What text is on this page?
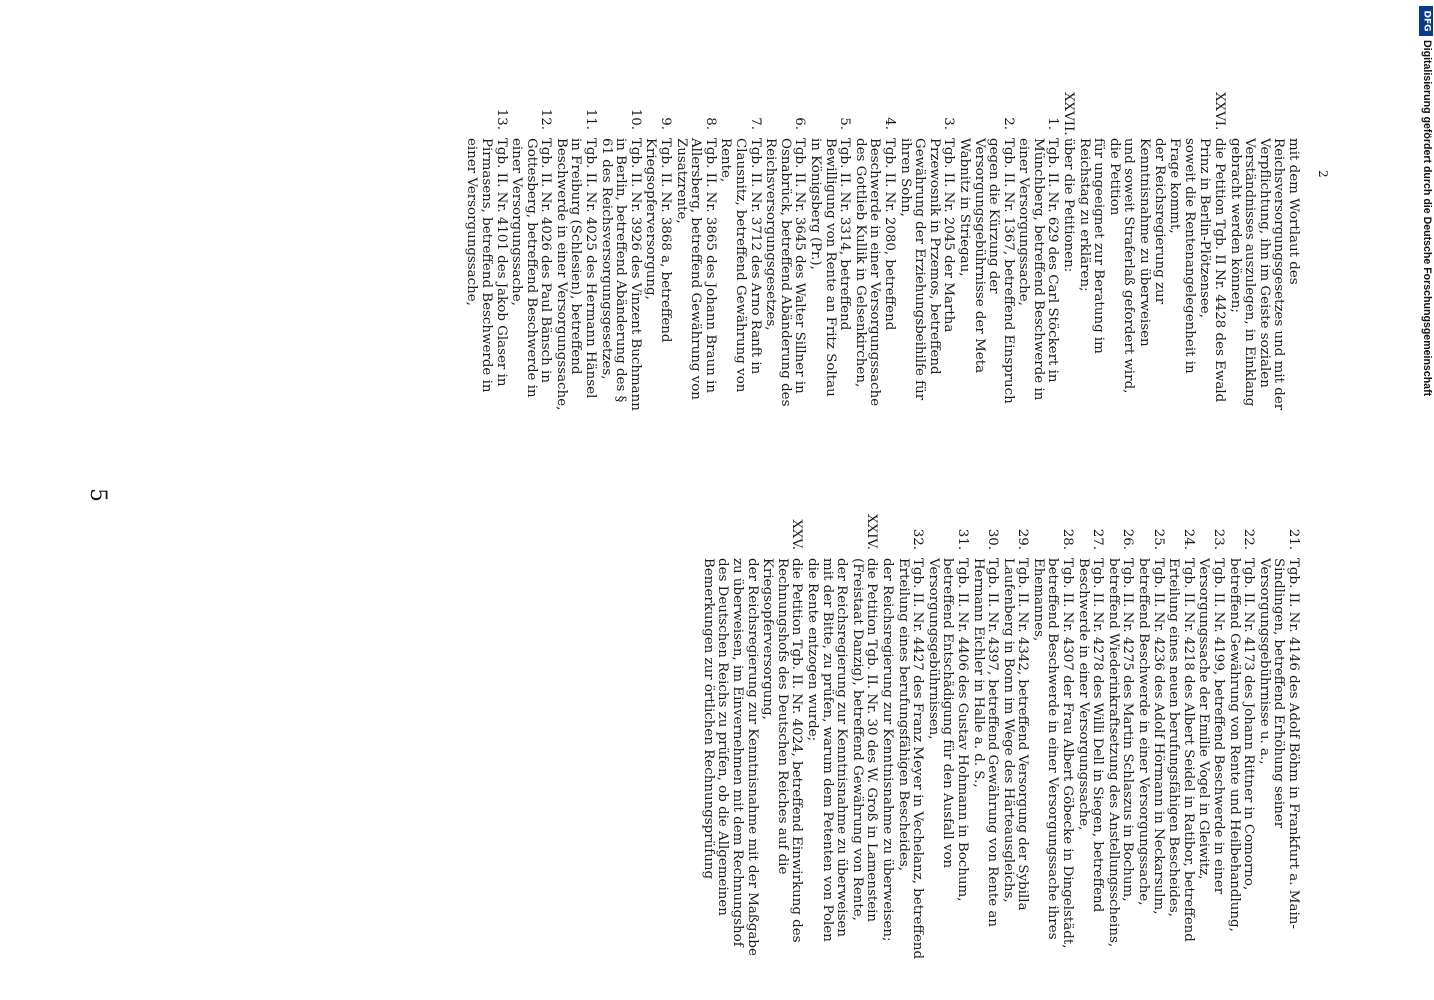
5
2
21.
Tgb. II. Nr. 4146 des Adolf Böhm in Frankfurt a. Main-Sindlingen, betreffend Erhöhung seiner Versorgungsgebührnisse u. a.,
22.
Tgb. II. Nr. 4173 des Johann Rittner in Comorno, betreffend Gewährung von Rente und Heilbehandlung,
23.
Tgb. II. Nr. 4199, betreffend Beschwerde in einer Versorgungssache der Emilie Vogel in Gleiwitz,
24.
Tgb. II. Nr. 4218 des Albert Seidel in Ratibor, betreffend Erteilung eines neuen berufungsfähigen Bescheides,
25.
Tgb. II. Nr. 4236 des Adolf Hörmann in Neckarsulm, betreffend Beschwerde in einer Versorgungssache,
26.
Tgb. II. Nr. 4275 des Martin Schlaszus in Bochum, betreffend Wiederinkraftsetzung des Anstellungsscheins,
27.
Tgb. II. Nr. 4278 des Willi Dell in Siegen, betreffend Beschwerde in einer Versorgungssache,
28.
Tgb. II. Nr. 4307 der Frau Albert Göbecke in Dingelstädt, betreffend Beschwerde in einer Versorgungssache ihres Ehemannes,
29.
Tgb. II. Nr. 4342, betreffend Versorgung der Sybilla Laufenberg in Bonn im Wege des Härteausgleichs,
30.
Tgb. II. Nr. 4397, betreffend Gewährung von Rente an Hermann Eichler in Halle a. d. S.,
31.
Tgb. II. Nr. 4406 des Gustav Hohmann in Bochum, betreffend Entschädigung für den Ausfall von Versorgungsgebührnissen,
32.
Tgb. II. Nr. 4427 des Franz Meyer in Vechelanz, betreffend Erteilung eines berufungsfähigen Bescheides,
der Reichsregierung zur Kenntnisnahme zu überweisen;
XXIV.
die Petition Tgb. II. Nr. 30 des W. Groß in Lamenstein (Freistaat Danzig), betreffend Gewährung von Rente,
der Reichsregierung zur Kenntnisnahme zu überweisen mit der Bitte, zu prüfen, warum dem Petenten von Polen die Rente entzogen wurde;
XXV.
die Petition Tgb. II. Nr. 4024, betreffend Einwirkung des Rechnungshofs des Deutschen Reiches auf die Kriegsopferversorgung,
der Reichsregierung zur Kenntnisnahme mit der Maßgabe zu überweisen, im Einvernehmen mit dem Rechnungshof des Deutschen Reichs zu prüfen, ob die Allgemeinen Bemerkungen zur örtlichen Rechnungsprüfung
mit dem Wortlaut des Reichsversorgungsgesetzes und mit der Verpflichtung, ihn im Geiste sozialen Verständnisses auszulegen, in Einklang gebracht werden können;
XXVI.
die Petition Tgb. II Nr. 4428 des Ewald Prinz in Berlin-Plötzensee,
soweit die Rentenangelegenheit in Frage kommt,
der Reichsregierung zur Kenntnisnahme zu überweisen
und soweit Straferlaß gefordert wird, die Petition
für ungeeignet zur Beratung im Reichstag zu erklären;
XXVII.
über die Petitionen:
1.
Tgb. II. Nr. 629 des Carl Stöckert in Münchberg, betreffend Beschwerde in einer Versorgungssache,
2.
Tgb. II. Nr. 1367, betreffend Einspruch gegen die Kürzung der Versorgungsgebührnisse der Meta Wabnitz in Striegau,
3.
Tgb. II. Nr. 2045 der Martha Przewosnik in Przemos, betreffend Gewährung der Erziehungsbeihilfe für ihren Sohn,
4.
Tgb. II. Nr. 2080, betreffend Beschwerde in einer Versorgungssache des Gottlieb Kullik in Gelsenkirchen,
5.
Tgb. II. Nr. 3314, betreffend Bewilligung von Rente an Fritz Soltau in Königsberg (Pr.),
6.
Tgb. II. Nr. 3645 des Walter Sillner in Osnabrück, betreffend Abänderung des Reichsversorgungsgesetzes,
7.
Tgb. II. Nr. 3712 des Arno Ranft in Clausnitz, betreffend Gewährung von Rente,
8.
Tgb. II. Nr. 3865 des Johann Braun in Allersberg, betreffend Gewährung von Zusatzrente,
9.
Tgb. II. Nr. 3868 a, betreffend Kriegsopferversorgung,
10.
Tgb. II. Nr. 3926 des Vinzent Buchmann in Berlin, betreffend Abänderung des § 61 des Reichsversorgungsgesetzes,
11.
Tgb. II. Nr. 4025 des Hermann Hänsel in Freiburg (Schlesien), betreffend Beschwerde in einer Versorgungssache,
12.
Tgb. II. Nr. 4026 des Paul Bänsch in Gottesberg, betreffend Beschwerde in einer Versorgungssache,
13.
Tgb. II. Nr. 4101 des Jakob Glaser in Pirmasens, betreffend Beschwerde in einer Versorgungssache,
DFG
Digitalisierung gefördert durch die Deutsche Forschungsgemeinschaft
